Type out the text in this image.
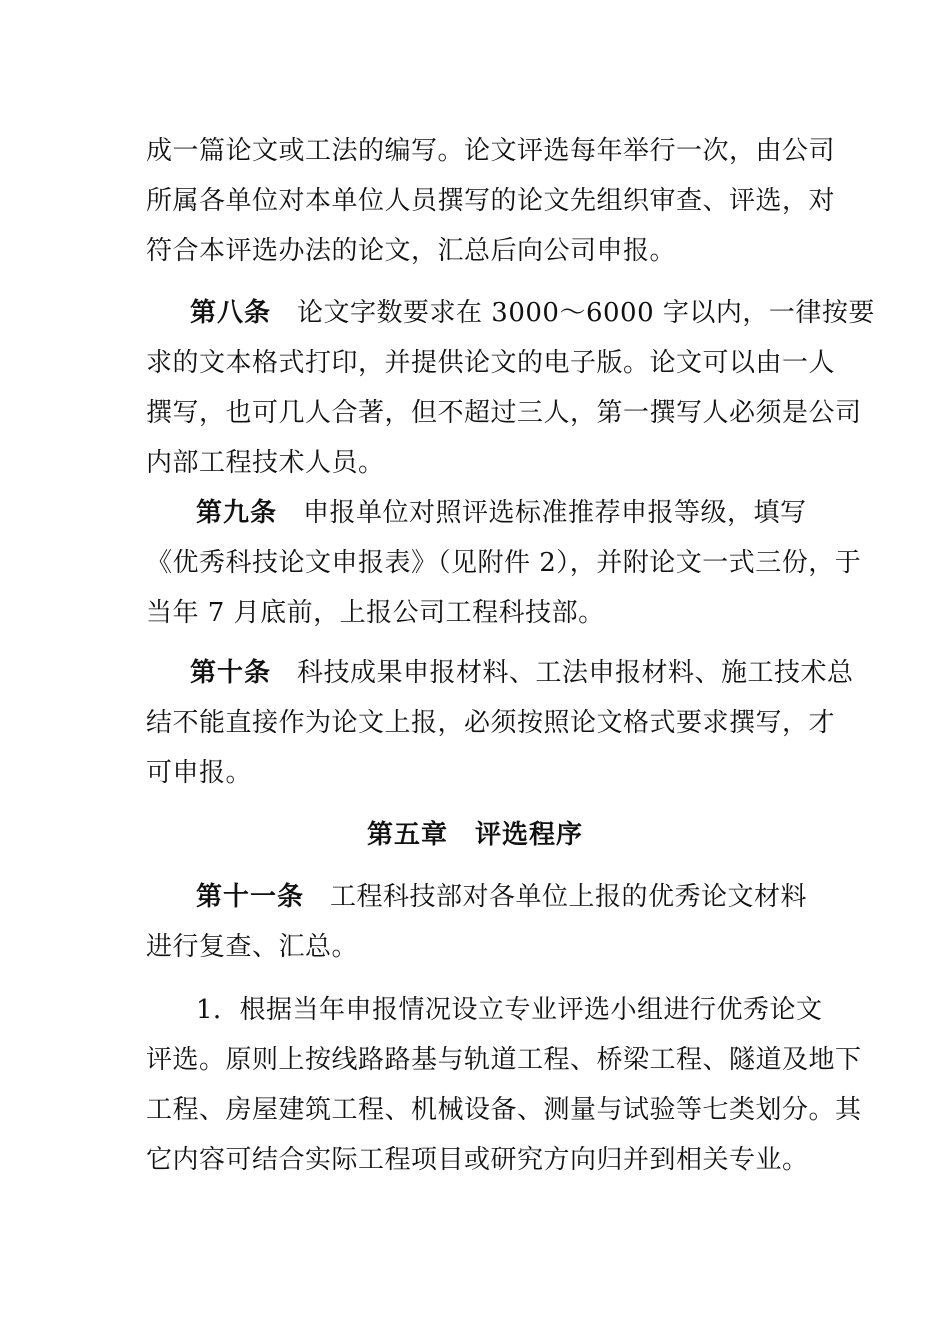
成一篇论文或工法的编写。论文评选每年举行一次，由公司
所属各单位对本单位人员撰写的论文先组织审查、评选，对
符合本评选办法的论文，汇总后向公司申报。
第八条 论文字数要求在 3000～6000 字以内，一律按要
求的文本格式打印，并提供论文的电子版。论文可以由一人
撰写，也可几人合著，但不超过三人，第一撰写人必须是公司
内部工程技术人员。
第九条 申报单位对照评选标准推荐申报等级，填写
《优秀科技论文申报表》（见附件 2），并附论文一式三份，于
当年 7 月底前，上报公司工程科技部。
第十条 科技成果申报材料、工法申报材料、施工技术总
结不能直接作为论文上报，必须按照论文格式要求撰写，才
可申报。
第五章　评选程序
第十一条 工程科技部对各单位上报的优秀论文材料
进行复查、汇总。
1．根据当年申报情况设立专业评选小组进行优秀论文
评选。原则上按线路路基与轨道工程、桥梁工程、隧道及地下
工程、房屋建筑工程、机械设备、测量与试验等七类划分。其
它内容可结合实际工程项目或研究方向归并到相关专业。
